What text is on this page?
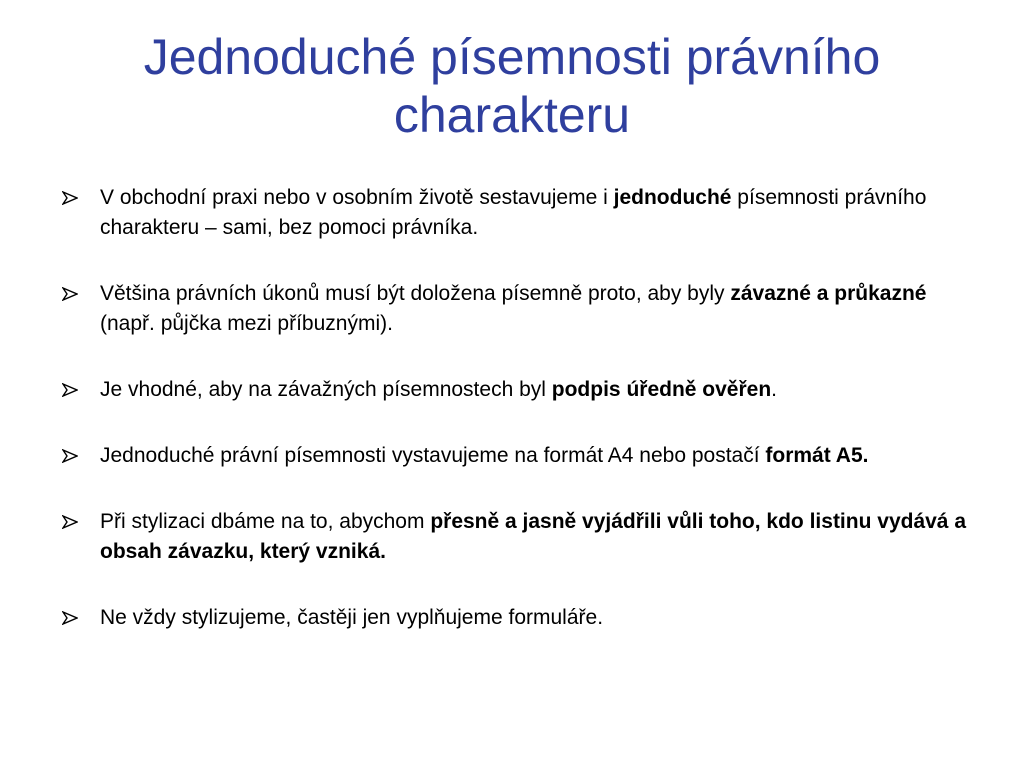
Jednoduché písemnosti právního charakteru
V obchodní praxi nebo v osobním životě sestavujeme i jednoduché písemnosti právního charakteru – sami, bez pomoci právníka.
Většina právních úkonů musí být doložena písemně proto, aby byly závazné a průkazné (např. půjčka mezi příbuznými).
Je vhodné, aby na závažných písemnostech byl podpis úředně ověřen.
Jednoduché právní písemnosti vystavujeme na formát A4 nebo postačí formát A5.
Při stylizaci dbáme na to, abychom přesně a jasně vyjádřili vůli toho, kdo listinu vydává a obsah závazku, který vzniká.
Ne vždy stylizujeme, častěji jen vyplňujeme formuláře.
